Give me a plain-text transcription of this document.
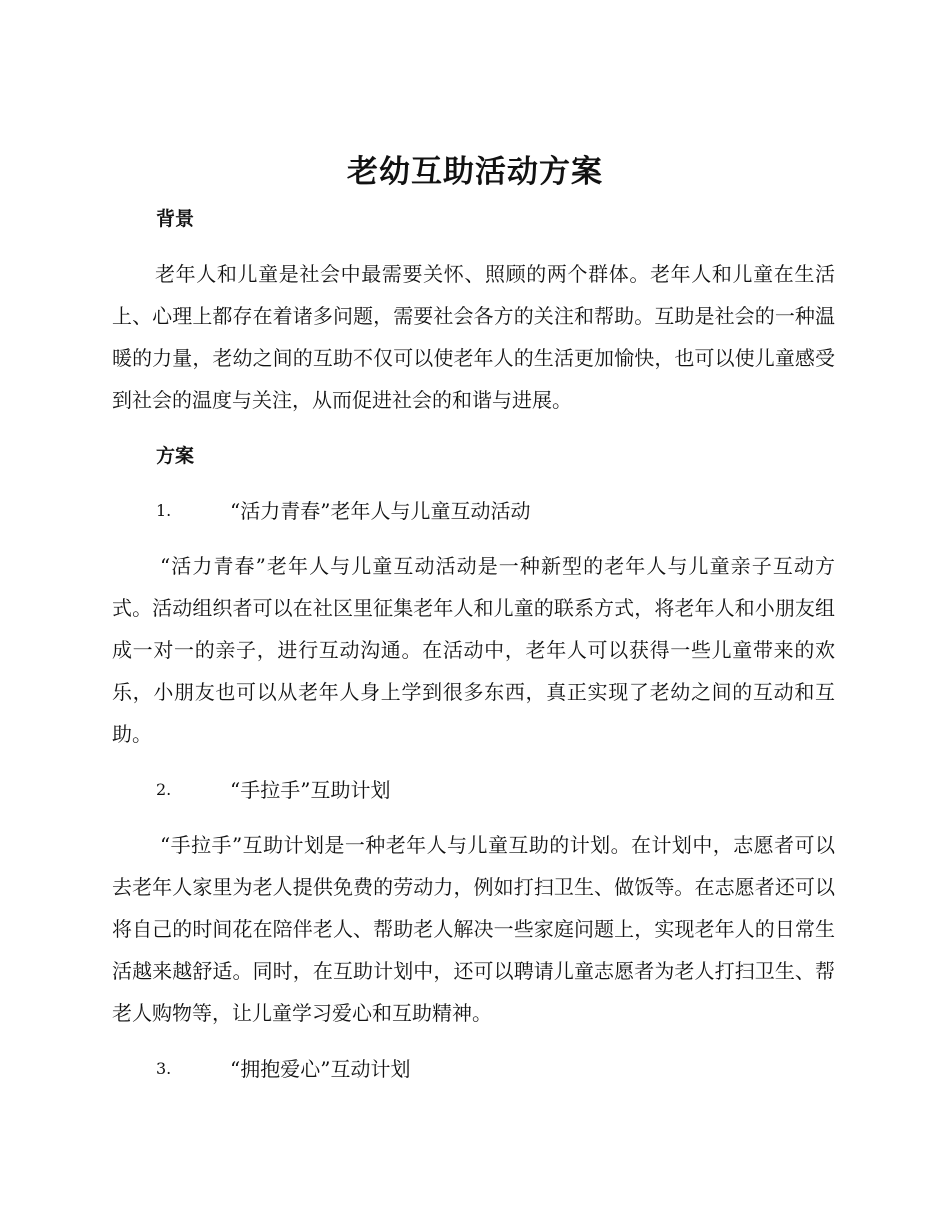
老幼互助活动方案
背景

老年人和儿童是社会中最需要关怀、照顾的两个群体。老年人和儿童在生活上、心理上都存在着诸多问题，需要社会各方的关注和帮助。互助是社会的一种温暖的力量，老幼之间的互助不仅可以使老年人的生活更加愉快，也可以使儿童感受到社会的温度与关注，从而促进社会的和谐与进展。

方案
1.	“活力青春”老年人与儿童互动活动

“活力青春”老年人与儿童互动活动是一种新型的老年人与儿童亲子互动方式。活动组织者可以在社区里征集老年人和儿童的联系方式，将老年人和小朋友组成一对一的亲子，进行互动沟通。在活动中，老年人可以获得一些儿童带来的欢乐，小朋友也可以从老年人身上学到很多东西，真正实现了老幼之间的互动和互助。

2.	“手拉手”互助计划

“手拉手”互助计划是一种老年人与儿童互助的计划。在计划中，志愿者可以去老年人家里为老人提供免费的劳动力，例如打扫卫生、做饭等。在志愿者还可以将自己的时间花在陪伴老人、帮助老人解决一些家庭问题上，实现老年人的日常生活越来越舒适。同时，在互助计划中，还可以聘请儿童志愿者为老人打扫卫生、帮老人购物等，让儿童学习爱心和互助精神。

3.	“拥抱爱心”互动计划
